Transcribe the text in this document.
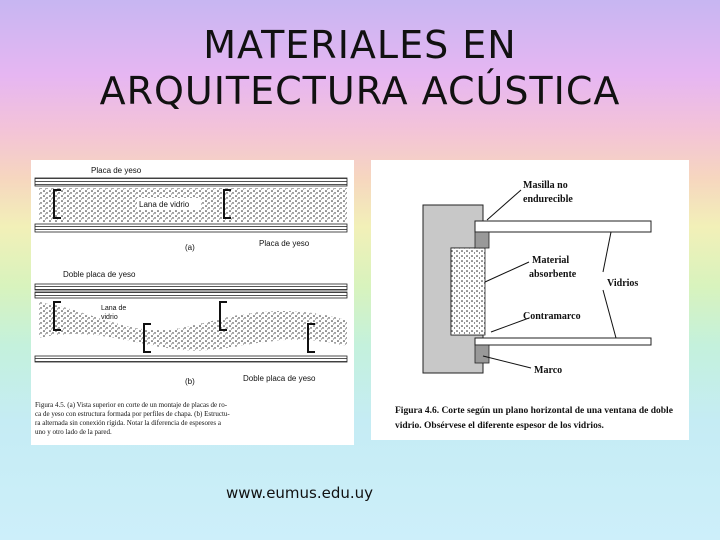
MATERIALES EN
ARQUITECTURA ACÚSTICA
Placa de yeso
Lana de vidrio
(a)	Placa de yeso
Doble placa de yeso
Lana de
vidrio
(b)	Doble placa de yeso
Figura 4.5. (a) Vista superior en corte de un montaje de placas de ro-
ca de yeso con estructura formada por perfiles de chapa. (b) Estructu-
ra alternada sin conexión rígida. Notar la diferencia de espesores a
uno y otro lado de la pared.
Masilla no
endurecible
Material
absorbente
Vidrios
Contramarco
Marco
Figura 4.6. Corte según un plano horizontal de una ventana de doble
vidrio. Obsérvese el diferente espesor de los vidrios.
www.eumus.edu.uy
